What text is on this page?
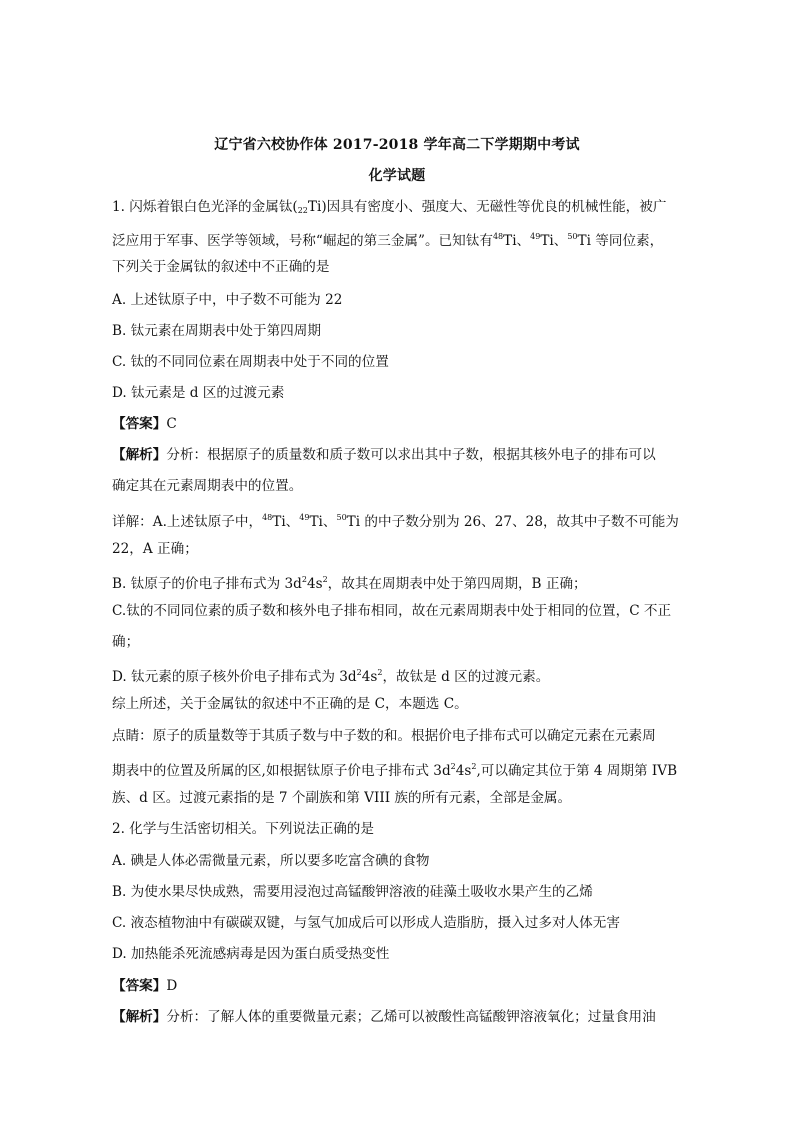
辽宁省六校协作体 2017-2018 学年高二下学期期中考试
化学试题
1. 闪烁着银白色光泽的金属钛$(_{22}Ti)$因具有密度小、强度大、无磁性等优良的机械性能，被广
泛应用于军事、医学等领域，号称“崛起的第三金属”。已知钛有$^{48}$Ti、$^{49}$Ti、$^{50}$Ti 等同位素，
下列关于金属钛的叙述中不正确的是
A. 上述钛原子中，中子数不可能为 22
B. 钛元素在周期表中处于第四周期
C. 钛的不同同位素在周期表中处于不同的位置
D. 钛元素是 d 区的过渡元素
【答案】C
【解析】分析：根据原子的质量数和质子数可以求出其中子数，根据其核外电子的排布可以
确定其在元素周期表中的位置。
详解：A.上述钛原子中，$^{48}$Ti、$^{49}$Ti、$^{50}$Ti 的中子数分别为 26、27、28，故其中子数不可能为
22，A 正确；
B. 钛原子的价电子排布式为 $3d^24s^2$，故其在周期表中处于第四周期，B 正确；
C.钛的不同同位素的质子数和核外电子排布相同，故在元素周期表中处于相同的位置，C 不正
确；
D. 钛元素的原子核外价电子排布式为 $3d^24s^2$，故钛是 d 区的过渡元素。
综上所述，关于金属钛的叙述中不正确的是 C，本题选 C。
点睛：原子的质量数等于其质子数与中子数的和。根据价电子排布式可以确定元素在元素周
期表中的位置及所属的区,如根据钛原子价电子排布式 $3d^24s^2$,可以确定其位于第 4 周期第 IVB
族、d 区。过渡元素指的是 7 个副族和第 VIII 族的所有元素，全部是金属。
2. 化学与生活密切相关。下列说法正确的是
A. 碘是人体必需微量元素，所以要多吃富含碘的食物
B. 为使水果尽快成熟，需要用浸泡过高锰酸钾溶液的硅藻土吸收水果产生的乙烯
C. 液态植物油中有碳碳双键，与氢气加成后可以形成人造脂肪，摄入过多对人体无害
D. 加热能杀死流感病毒是因为蛋白质受热变性
【答案】D
【解析】分析：了解人体的重要微量元素；乙烯可以被酸性高锰酸钾溶液氧化；过量食用油
